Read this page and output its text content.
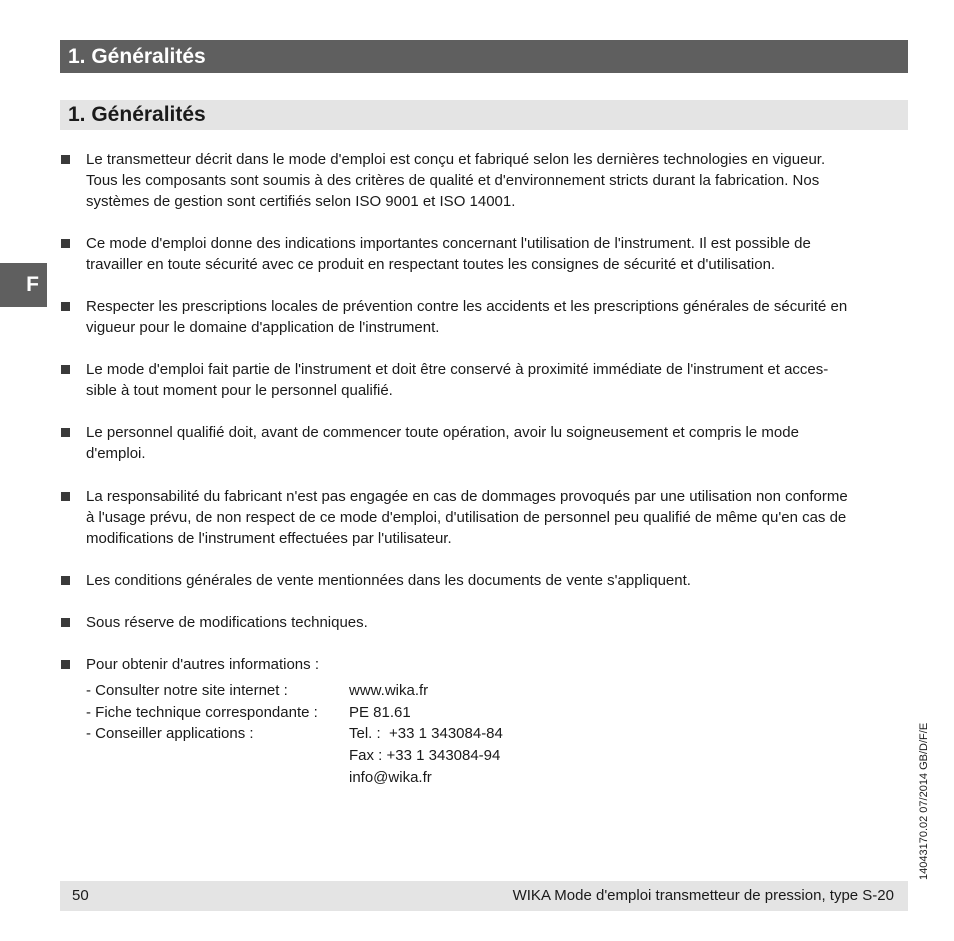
1. Généralités
1. Généralités
F
Le transmetteur décrit dans le mode d'emploi est conçu et fabriqué selon les dernières technologies en vigueur.
Tous les composants sont soumis à des critères de qualité et d'environnement stricts durant la fabrication. Nos
systèmes de gestion sont certifiés selon ISO 9001 et ISO 14001.
Ce mode d'emploi donne des indications importantes concernant l'utilisation de l'instrument. Il est possible de
travailler en toute sécurité avec ce produit en respectant toutes les consignes de sécurité et d'utilisation.
Respecter les prescriptions locales de prévention contre les accidents et les prescriptions générales de sécurité en
vigueur pour le domaine d'application de l'instrument.
Le mode d'emploi fait partie de l'instrument et doit être conservé à proximité immédiate de l'instrument et acces-
sible à tout moment pour le personnel qualifié.
Le personnel qualifié doit, avant de commencer toute opération, avoir lu soigneusement et compris le mode
d'emploi.
La responsabilité du fabricant n'est pas engagée en cas de dommages provoqués par une utilisation non conforme
à l'usage prévu, de non respect de ce mode d'emploi, d'utilisation de personnel peu qualifié de même qu'en cas de
modifications de l'instrument effectuées par l'utilisateur.
Les conditions générales de vente mentionnées dans les documents de vente s'appliquent.
Sous réserve de modifications techniques.
Pour obtenir d'autres informations :
- Consulter notre site internet :	www.wika.fr
- Fiche technique correspondante : PE 81.61
- Conseiller applications :	Tel. :  +33 1 343084-84
Fax : +33 1 343084-94
info@wika.fr	14043170.02 07/2014 GB/D/F/E
50	WIKA Mode d'emploi transmetteur de pression, type S-20
